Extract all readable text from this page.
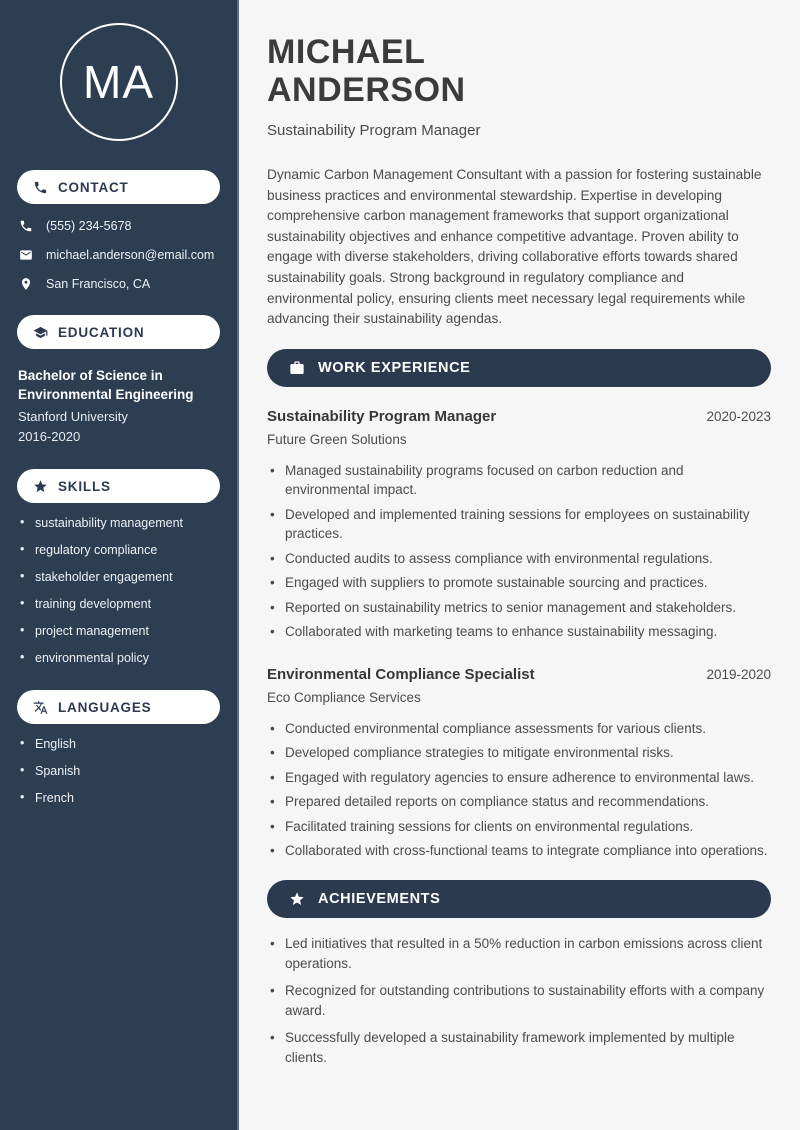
MA
CONTACT
(555) 234-5678
michael.anderson@email.com
San Francisco, CA
EDUCATION
Bachelor of Science in Environmental Engineering
Stanford University
2016-2020
SKILLS
• sustainability management
• regulatory compliance
• stakeholder engagement
• training development
• project management
• environmental policy
LANGUAGES
• English
• Spanish
• French
MICHAEL
ANDERSON
Sustainability Program Manager

Dynamic Carbon Management Consultant with a passion for fostering sustainable business practices and environmental stewardship. Expertise in developing comprehensive carbon management frameworks that support organizational sustainability objectives and enhance competitive advantage. Proven ability to engage with diverse stakeholders, driving collaborative efforts towards shared sustainability goals. Strong background in regulatory compliance and environmental policy, ensuring clients meet necessary legal requirements while advancing their sustainability agendas.

WORK EXPERIENCE
Sustainability Program Manager	2020-2023
Future Green Solutions
• Managed sustainability programs focused on carbon reduction and environmental impact.
• Developed and implemented training sessions for employees on sustainability practices.
• Conducted audits to assess compliance with environmental regulations.
• Engaged with suppliers to promote sustainable sourcing and practices.
• Reported on sustainability metrics to senior management and stakeholders.
• Collaborated with marketing teams to enhance sustainability messaging.
Environmental Compliance Specialist	2019-2020
Eco Compliance Services
• Conducted environmental compliance assessments for various clients.
• Developed compliance strategies to mitigate environmental risks.
• Engaged with regulatory agencies to ensure adherence to environmental laws.
• Prepared detailed reports on compliance status and recommendations.
• Facilitated training sessions for clients on environmental regulations.
• Collaborated with cross-functional teams to integrate compliance into operations.
ACHIEVEMENTS
• Led initiatives that resulted in a 50% reduction in carbon emissions across client operations.
• Recognized for outstanding contributions to sustainability efforts with a company award.
• Successfully developed a sustainability framework implemented by multiple clients.
